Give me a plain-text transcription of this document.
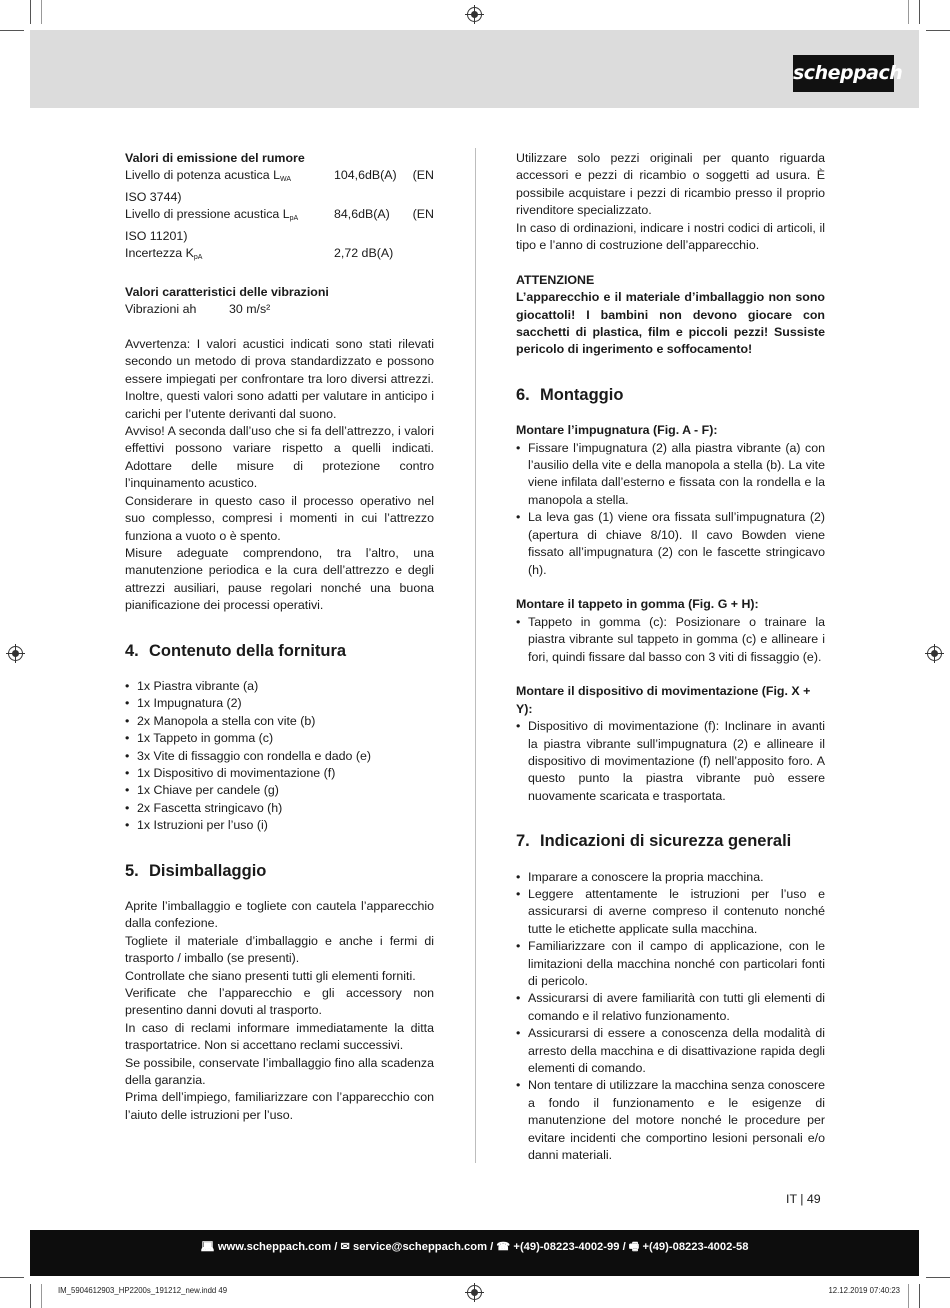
scheppach
Valori di emissione del rumore
Livello di potenza acustica $L_{WA}$	104,6dB(A)	(EN
ISO 3744)
Livello di pressione acustica $L_{pA}$	84,6dB(A)	(EN
ISO 11201)
Incertezza $K_{pA}$	2,72 dB(A)
Valori caratteristici delle vibrazioni
Vibrazioni ah	30 m/s²
Avvertenza: I valori acustici indicati sono stati rilevati secondo un metodo di prova standardizzato e possono essere impiegati per confrontare tra loro diversi attrezzi. Inoltre, questi valori sono adatti per valutare in anticipo i carichi per l’utente derivanti dal suono.
Avviso! A seconda dall’uso che si fa dell’attrezzo, i valori effettivi possono variare rispetto a quelli indicati. Adottare delle misure di protezione contro l’inquinamento acustico.
Considerare in questo caso il processo operativo nel suo complesso, compresi i momenti in cui l’attrezzo funziona a vuoto o è spento.
Misure adeguate comprendono, tra l’altro, una manutenzione periodica e la cura dell’attrezzo e degli attrezzi ausiliari, pause regolari nonché una buona pianificazione dei processi operativi.
4. Contenuto della fornitura
• 1x Piastra vibrante (a)
• 1x Impugnatura (2)
• 2x Manopola a stella con vite (b)
• 1x Tappeto in gomma (c)
• 3x Vite di fissaggio con rondella e dado (e)
• 1x Dispositivo di movimentazione (f)
• 1x Chiave per candele (g)
• 2x Fascetta stringicavo (h)
• 1x Istruzioni per l’uso (i)
5. Disimballaggio
Aprite l’imballaggio e togliete con cautela l’apparecchio dalla confezione.
Togliete il materiale d’imballaggio e anche i fermi di trasporto / imballo (se presenti).
Controllate che siano presenti tutti gli elementi forniti.
Verificate che l’apparecchio e gli accessory non presentino danni dovuti al trasporto.
In caso di reclami informare immediatamente la ditta trasportatrice. Non si accettano reclami successivi.
Se possibile, conservate l’imballaggio fino alla scadenza della garanzia.
Prima dell’impiego, familiarizzare con l’apparecchio con l’aiuto delle istruzioni per l’uso.
Utilizzare solo pezzi originali per quanto riguarda accessori e pezzi di ricambio o soggetti ad usura. È possibile acquistare i pezzi di ricambio presso il proprio rivenditore specializzato.
In caso di ordinazioni, indicare i nostri codici di articoli, il tipo e l’anno di costruzione dell’apparecchio.
ATTENZIONE
L’apparecchio e il materiale d’imballaggio non sono giocattoli! I bambini non devono giocare con sacchetti di plastica, film e piccoli pezzi! Sussiste pericolo di ingerimento e soffocamento!
6. Montaggio
Montare l’impugnatura (Fig. A - F):
• Fissare l’impugnatura (2) alla piastra vibrante (a) con l’ausilio della vite e della manopola a stella (b). La vite viene infilata dall’esterno e fissata con la rondella e la manopola a stella.
• La leva gas (1) viene ora fissata sull’impugnatura (2) (apertura di chiave 8/10). Il cavo Bowden viene fissato all’impugnatura (2) con le fascette stringicavo (h).
Montare il tappeto in gomma (Fig. G + H):
• Tappeto in gomma (c): Posizionare o trainare la piastra vibrante sul tappeto in gomma (c) e allineare i fori, quindi fissare dal basso con 3 viti di fissaggio (e).
Montare il dispositivo di movimentazione (Fig. X + Y):
• Dispositivo di movimentazione (f): Inclinare in avanti la piastra vibrante sull’impugnatura (2) e allineare il dispositivo di movimentazione (f) nell’apposito foro. A questo punto la piastra vibrante può essere nuovamente scaricata e trasportata.
7. Indicazioni di sicurezza generali
• Imparare a conoscere la propria macchina.
• Leggere attentamente le istruzioni per l’uso e assicurarsi di averne compreso il contenuto nonché tutte le etichette applicate sulla macchina.
• Familiarizzare con il campo di applicazione, con le limitazioni della macchina nonché con particolari fonti di pericolo.
• Assicurarsi di avere familiarità con tutti gli elementi di comando e il relativo funzionamento.
• Assicurarsi di essere a conoscenza della modalità di arresto della macchina e di disattivazione rapida degli elementi di comando.
• Non tentare di utilizzare la macchina senza conoscere a fondo il funzionamento e le esigenze di manutenzione del motore nonché le procedure per evitare incidenti che comportino lesioni personali e/o danni materiali.
IT | 49
💻︎ www.scheppach.com / ✉︎ service@scheppach.com / ☎︎ +(49)-08223-4002-99 / 🖷︎ +(49)-08223-4002-58
IM_5904612903_HP2200s_191212_new.indd 49	12.12.2019 07:40:23
